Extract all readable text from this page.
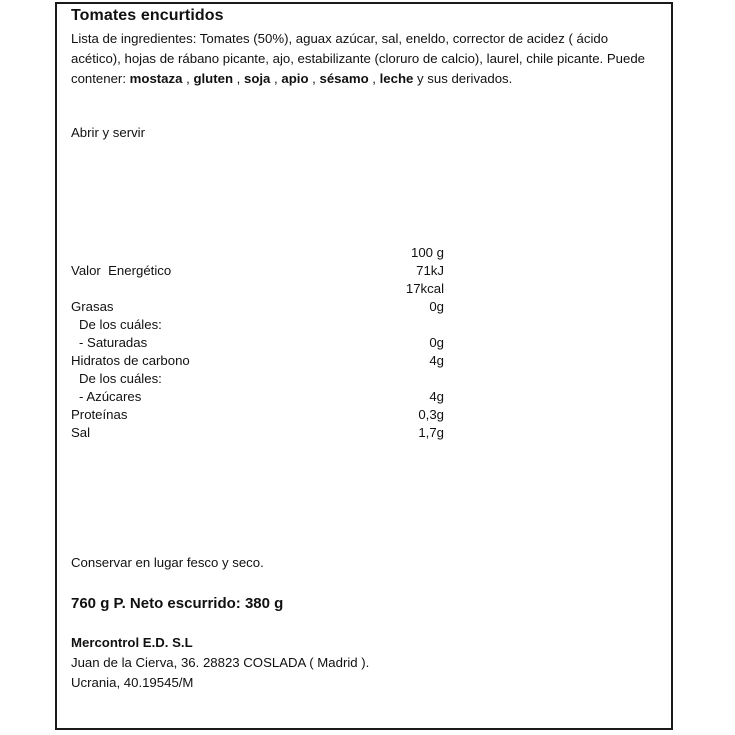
Tomates encurtidos
Lista de ingredientes: Tomates (50%), aguax azúcar, sal, eneldo, corrector de acidez ( ácido acético), hojas de rábano picante, ajo, estabilizante (cloruro de calcio), laurel, chile picante. Puede contener: mostaza , gluten , soja , apio , sésamo , leche y sus derivados.
Abrir y servir
100 g
Valor  Energético	71kJ
17kcal
Grasas	0g
De los cuáles:
- Saturadas	0g
Hidratos de carbono	4g
De los cuáles:
- Azúcares	4g
Proteínas	0,3g
Sal	1,7g
Conservar en lugar fesco y seco.
760 g P. Neto escurrido: 380 g
Mercontrol E.D. S.L
Juan de la Cierva, 36. 28823 COSLADA ( Madrid ).
Ucrania, 40.19545/M
